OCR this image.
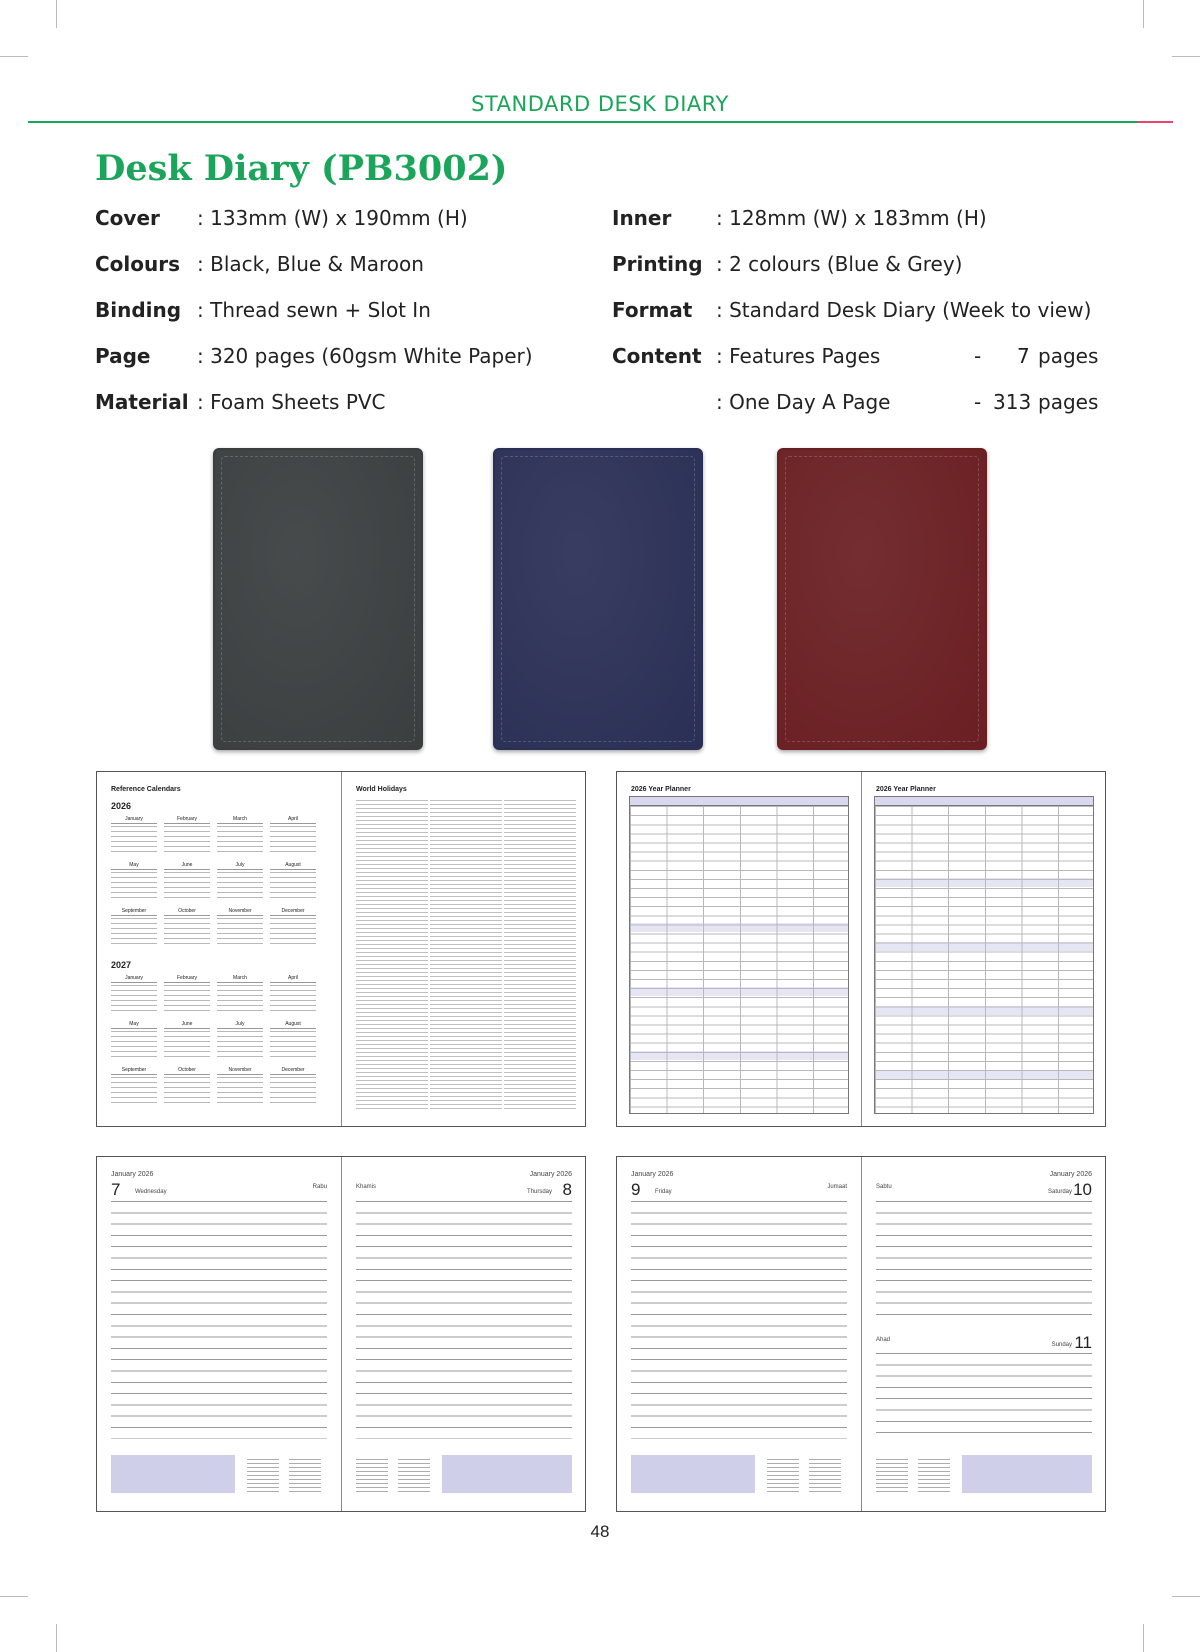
STANDARD DESK DIARY
Desk Diary (PB3002)
Cover : 133mm (W) x 190mm (H)
Colours : Black, Blue & Maroon
Binding : Thread sewn + Slot In
Page : 320 pages (60gsm White Paper)
Material : Foam Sheets PVC
Inner : 128mm (W) x 183mm (H)
Printing : 2 colours (Blue & Grey)
Format : Standard Desk Diary (Week to view)
Content : Features Pages	- 7 pages
: One Day A Page	- 313 pages
Reference Calendars
2026
January	February	March	April
May	June	July	August
September	October	November	December
2027
January	February	March	April
May	June	July	August
September	October	November	December
World Holidays	2026 Year Planner	2026 Year Planner
January 2026
7 Wednesday
Rabu
January 2026
8
Thursday
Khamis
January 2026
9 Friday
Jumaat
January 2026
10
Saturday
Sabtu
11
Sunday
Ahad
48
